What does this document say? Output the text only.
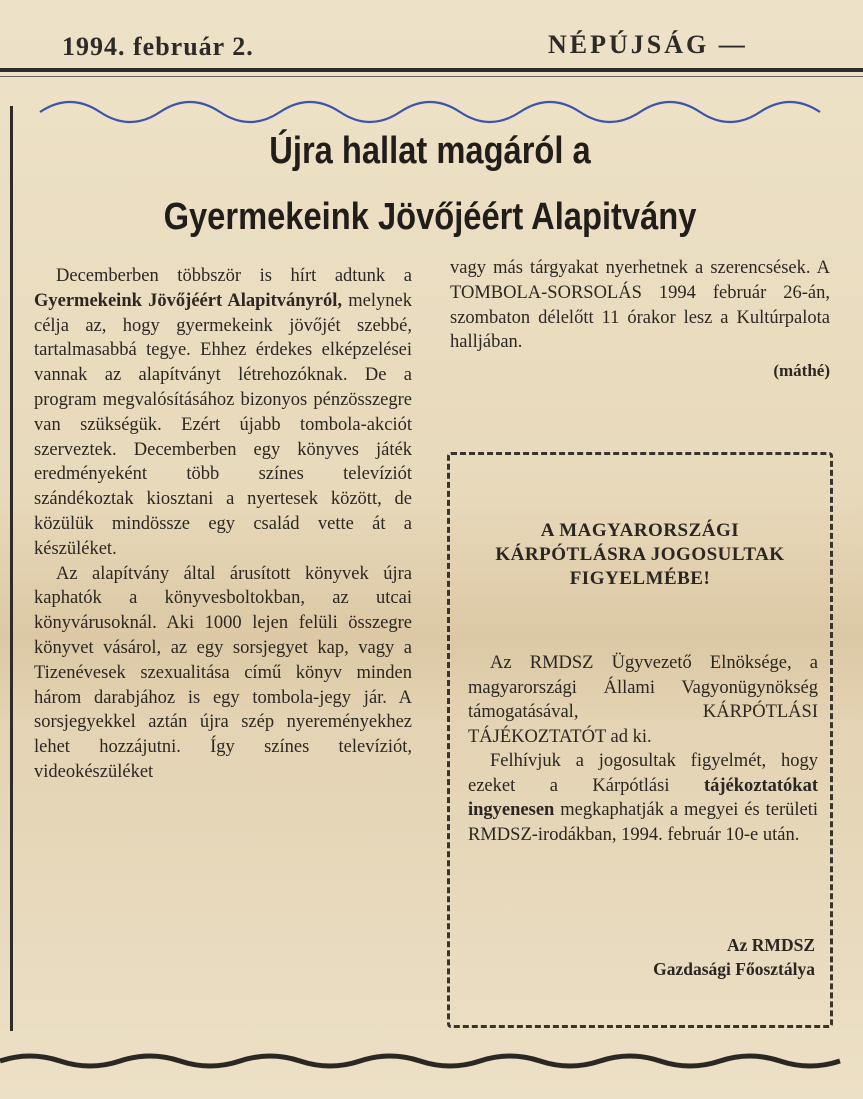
1994. február 2.	NÉPÚJSÁG —
Újra hallat magáról a
Gyermekeink Jövőjéért Alapitvány

Decemberben többször is hírt adtunk a Gyermekeink Jövőjéért Alapitványról, melynek célja az, hogy gyermekeink jövőjét szebbé, tartalmasabbá tegye. Ehhez érdekes elképzelései vannak az alapítványt létrehozóknak. De a program megvalósításához bizonyos pénzösszegre van szükségük. Ezért újabb tombola-akciót szerveztek. Decemberben egy könyves játék eredményeként több színes televíziót szándékoztak kiosztani a nyertesek között, de közülük mindössze egy család vette át a készüléket.

Az alapítvány által árusított könyvek újra kaphatók a könyvesboltokban, az utcai könyvárusoknál. Aki 1000 lejen felüli összegre könyvet vásárol, az egy sorsjegyet kap, vagy a Tizenévesek szexualitása című könyv minden három darabjához is egy tombola-jegy jár. A sorsjegyekkel aztán újra szép nyereményekhez lehet hozzájutni. Így színes televíziót, videokészüléket

vagy más tárgyakat nyerhetnek a szerencsések. A TOMBOLA-SORSOLÁS 1994 február 26-án, szombaton délelőtt 11 órakor lesz a Kultúrpalota halljában.

(máthé)
A MAGYARORSZÁGI KÁRPÓTLÁSRA JOGOSULTAK FIGYELMÉBE!

Az RMDSZ Ügyvezető Elnöksége, a magyarországi Állami Vagyonügynökség támogatásával, KÁRPÓTLÁSI TÁJÉKOZTATÓT ad ki.

Felhívjuk a jogosultak figyelmét, hogy ezeket a Kárpótlási tájékoztatókat ingyenesen megkaphatják a megyei és területi RMDSZ-irodákban, 1994. február 10-e után.

Az RMDSZ
Gazdasági Főosztálya
